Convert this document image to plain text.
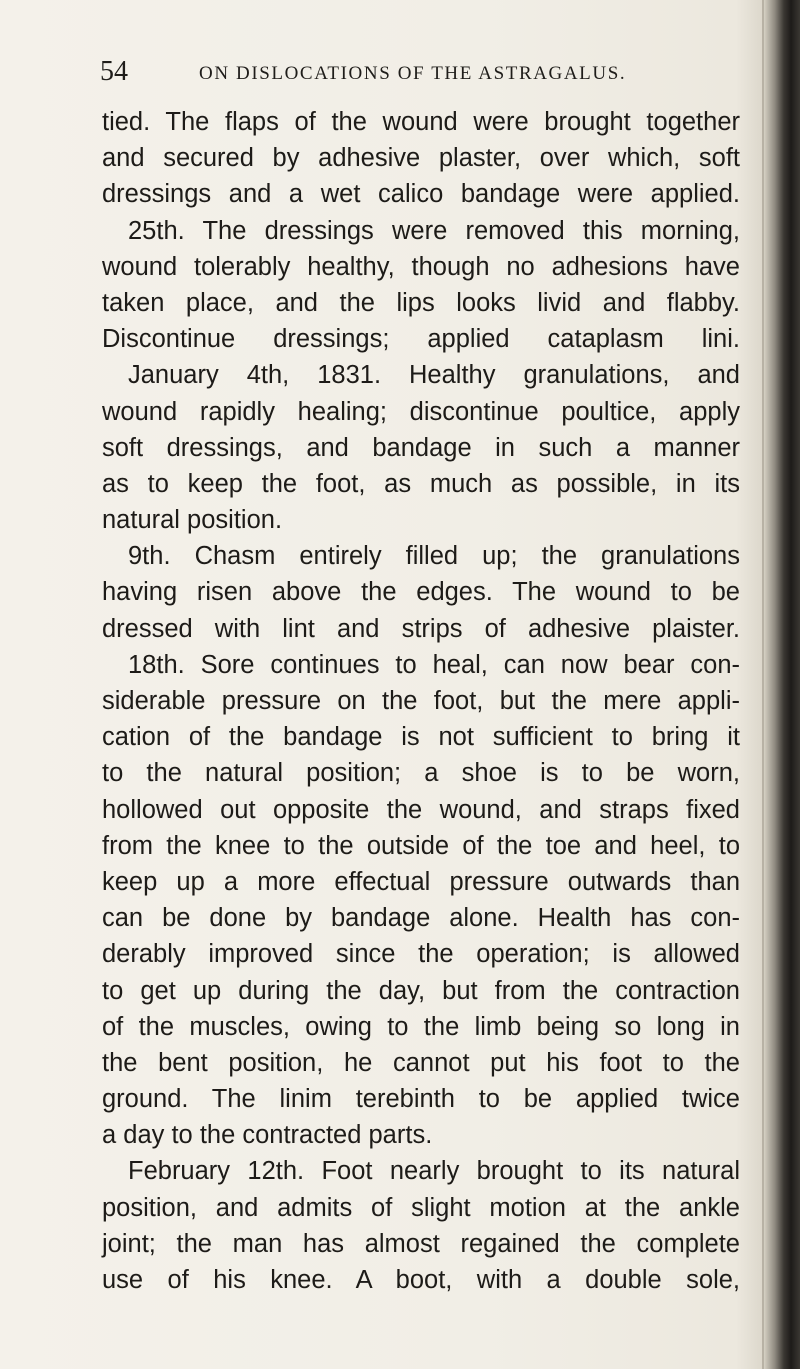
54	ON DISLOCATIONS OF THE ASTRAGALUS.
tied. The flaps of the wound were brought together
and secured by adhesive plaster, over which, soft
dressings and a wet calico bandage were applied.
25th. The dressings were removed this morning,
wound tolerably healthy, though no adhesions have
taken place, and the lips looks livid and flabby.
Discontinue dressings; applied cataplasm lini.
January 4th, 1831. Healthy granulations, and
wound rapidly healing; discontinue poultice, apply
soft dressings, and bandage in such a manner
as to keep the foot, as much as possible, in its
natural position.
9th. Chasm entirely filled up; the granulations
having risen above the edges. The wound to be
dressed with lint and strips of adhesive plaister.
18th. Sore continues to heal, can now bear con-
siderable pressure on the foot, but the mere appli-
cation of the bandage is not sufficient to bring it
to the natural position; a shoe is to be worn,
hollowed out opposite the wound, and straps fixed
from the knee to the outside of the toe and heel, to
keep up a more effectual pressure outwards than
can be done by bandage alone. Health has con-
derably improved since the operation; is allowed
to get up during the day, but from the contraction
of the muscles, owing to the limb being so long in
the bent position, he cannot put his foot to the
ground. The linim terebinth to be applied twice
a day to the contracted parts.
February 12th. Foot nearly brought to its natural
position, and admits of slight motion at the ankle
joint; the man has almost regained the complete
use of his knee. A boot, with a double sole,
